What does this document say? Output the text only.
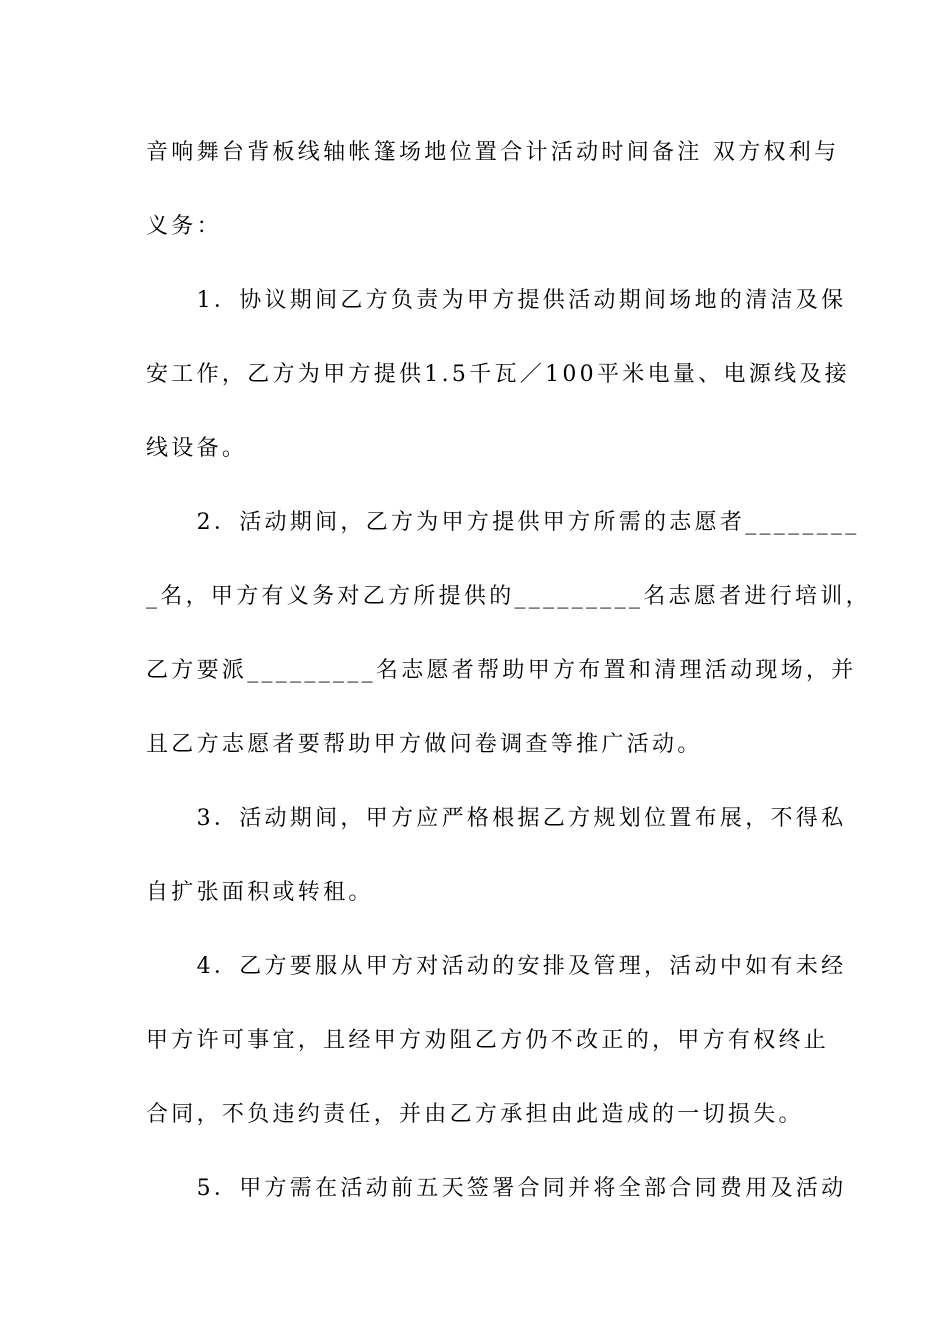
音响舞台背板线轴帐篷场地位置合计活动时间备注 双方权利与
义务：
　　1．协议期间乙方负责为甲方提供活动期间场地的清洁及保
安工作，乙方为甲方提供1.5千瓦／100平米电量、电源线及接
线设备。
　　2．活动期间，乙方为甲方提供甲方所需的志愿者________
_名，甲方有义务对乙方所提供的_________名志愿者进行培训，
乙方要派_________名志愿者帮助甲方布置和清理活动现场，并
且乙方志愿者要帮助甲方做问卷调查等推广活动。
　　3．活动期间，甲方应严格根据乙方规划位置布展，不得私
自扩张面积或转租。
　　4．乙方要服从甲方对活动的安排及管理，活动中如有未经
甲方许可事宜，且经甲方劝阻乙方仍不改正的，甲方有权终止
合同，不负违约责任，并由乙方承担由此造成的一切损失。
　　5．甲方需在活动前五天签署合同并将全部合同费用及活动
